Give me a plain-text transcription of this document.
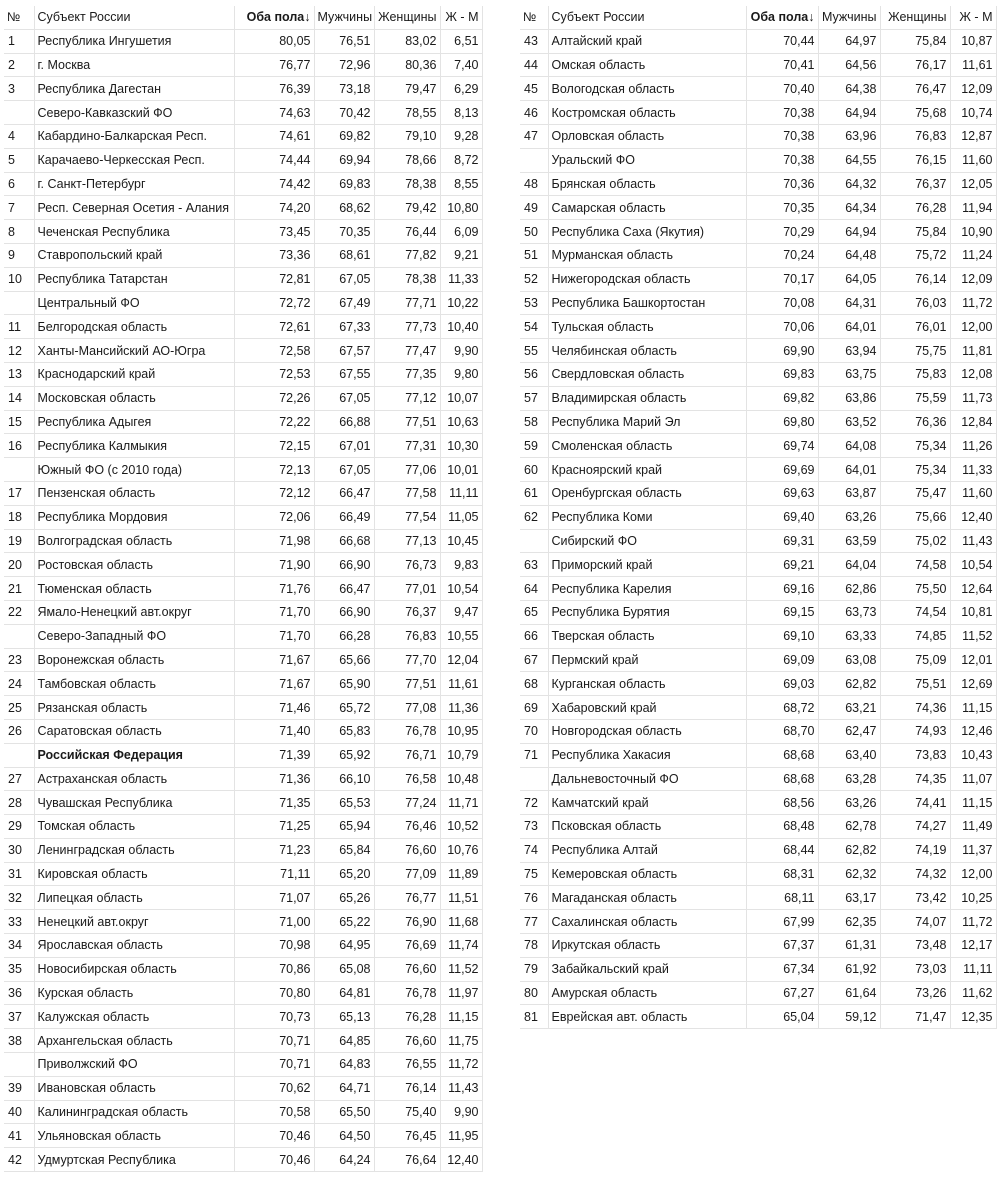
№	Субъект России	Оба пола↓	Мужчины	Женщины	Ж - М
1	Республика Ингушетия	80,05	76,51	83,02	6,51
2	г. Москва	76,77	72,96	80,36	7,40
3	Республика Дагестан	76,39	73,18	79,47	6,29
	Северо-Кавказский ФО	74,63	70,42	78,55	8,13
4	Кабардино-Балкарская Респ.	74,61	69,82	79,10	9,28
5	Карачаево-Черкесская Респ.	74,44	69,94	78,66	8,72
6	г. Санкт-Петербург	74,42	69,83	78,38	8,55
7	Респ. Северная Осетия - Алания	74,20	68,62	79,42	10,80
8	Чеченская Республика	73,45	70,35	76,44	6,09
9	Ставропольский край	73,36	68,61	77,82	9,21
10	Республика Татарстан	72,81	67,05	78,38	11,33
	Центральный ФО	72,72	67,49	77,71	10,22
11	Белгородская область	72,61	67,33	77,73	10,40
12	Ханты-Мансийский АО-Югра	72,58	67,57	77,47	9,90
13	Краснодарский край	72,53	67,55	77,35	9,80
14	Московская область	72,26	67,05	77,12	10,07
15	Республика Адыгея	72,22	66,88	77,51	10,63
16	Республика Калмыкия	72,15	67,01	77,31	10,30
	Южный ФО (с 2010 года)	72,13	67,05	77,06	10,01
17	Пензенская область	72,12	66,47	77,58	11,11
18	Республика Мордовия	72,06	66,49	77,54	11,05
19	Волгоградская область	71,98	66,68	77,13	10,45
20	Ростовская область	71,90	66,90	76,73	9,83
21	Тюменская область	71,76	66,47	77,01	10,54
22	Ямало-Ненецкий авт.округ	71,70	66,90	76,37	9,47
	Северо-Западный ФО	71,70	66,28	76,83	10,55
23	Воронежская область	71,67	65,66	77,70	12,04
24	Тамбовская область	71,67	65,90	77,51	11,61
25	Рязанская область	71,46	65,72	77,08	11,36
26	Саратовская область	71,40	65,83	76,78	10,95
	Российская Федерация	71,39	65,92	76,71	10,79
27	Астраханская область	71,36	66,10	76,58	10,48
28	Чувашская Республика	71,35	65,53	77,24	11,71
29	Томская область	71,25	65,94	76,46	10,52
30	Ленинградская область	71,23	65,84	76,60	10,76
31	Кировская область	71,11	65,20	77,09	11,89
32	Липецкая область	71,07	65,26	76,77	11,51
33	Ненецкий авт.округ	71,00	65,22	76,90	11,68
34	Ярославская область	70,98	64,95	76,69	11,74
35	Новосибирская область	70,86	65,08	76,60	11,52
36	Курская область	70,80	64,81	76,78	11,97
37	Калужская область	70,73	65,13	76,28	11,15
38	Архангельская область	70,71	64,85	76,60	11,75
	Приволжский ФО	70,71	64,83	76,55	11,72
39	Ивановская область	70,62	64,71	76,14	11,43
40	Калининградская область	70,58	65,50	75,40	9,90
41	Ульяновская область	70,46	64,50	76,45	11,95
42	Удмуртская Республика	70,46	64,24	76,64	12,40
№	Субъект России	Оба пола↓	Мужчины	Женщины	Ж - М
43	Алтайский край	70,44	64,97	75,84	10,87
44	Омская область	70,41	64,56	76,17	11,61
45	Вологодская область	70,40	64,38	76,47	12,09
46	Костромская область	70,38	64,94	75,68	10,74
47	Орловская область	70,38	63,96	76,83	12,87
	Уральский ФО	70,38	64,55	76,15	11,60
48	Брянская область	70,36	64,32	76,37	12,05
49	Самарская область	70,35	64,34	76,28	11,94
50	Республика Саха (Якутия)	70,29	64,94	75,84	10,90
51	Мурманская область	70,24	64,48	75,72	11,24
52	Нижегородская область	70,17	64,05	76,14	12,09
53	Республика Башкортостан	70,08	64,31	76,03	11,72
54	Тульская область	70,06	64,01	76,01	12,00
55	Челябинская область	69,90	63,94	75,75	11,81
56	Свердловская область	69,83	63,75	75,83	12,08
57	Владимирская область	69,82	63,86	75,59	11,73
58	Республика Марий Эл	69,80	63,52	76,36	12,84
59	Смоленская область	69,74	64,08	75,34	11,26
60	Красноярский край	69,69	64,01	75,34	11,33
61	Оренбургская область	69,63	63,87	75,47	11,60
62	Республика Коми	69,40	63,26	75,66	12,40
	Сибирский ФО	69,31	63,59	75,02	11,43
63	Приморский край	69,21	64,04	74,58	10,54
64	Республика Карелия	69,16	62,86	75,50	12,64
65	Республика Бурятия	69,15	63,73	74,54	10,81
66	Тверская область	69,10	63,33	74,85	11,52
67	Пермский край	69,09	63,08	75,09	12,01
68	Курганская область	69,03	62,82	75,51	12,69
69	Хабаровский край	68,72	63,21	74,36	11,15
70	Новгородская область	68,70	62,47	74,93	12,46
71	Республика Хакасия	68,68	63,40	73,83	10,43
	Дальневосточный ФО	68,68	63,28	74,35	11,07
72	Камчатский край	68,56	63,26	74,41	11,15
73	Псковская область	68,48	62,78	74,27	11,49
74	Республика Алтай	68,44	62,82	74,19	11,37
75	Кемеровская область	68,31	62,32	74,32	12,00
76	Магаданская область	68,11	63,17	73,42	10,25
77	Сахалинская область	67,99	62,35	74,07	11,72
78	Иркутская область	67,37	61,31	73,48	12,17
79	Забайкальский край	67,34	61,92	73,03	11,11
80	Амурская область	67,27	61,64	73,26	11,62
81	Еврейская авт. область	65,04	59,12	71,47	12,35
